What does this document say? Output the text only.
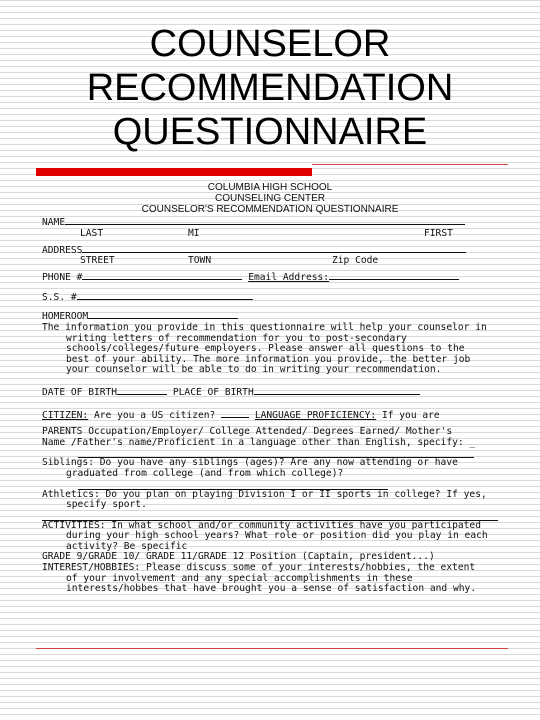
COUNSELOR
RECOMMENDATION
QUESTIONNAIRE
COLUMBIA HIGH SCHOOL
COUNSELING CENTER
COUNSELOR'S RECOMMENDATION QUESTIONNAIRE
NAME
LAST	MI	FIRST
ADDRESS
STREET	TOWN	Zip Code
PHONE #	Email Address:
S.S. #
HOMEROOM
The information you provide in this questionnaire will help your counselor in
writing letters of recommendation for you to post-secondary
schools/colleges/future employers. Please answer all questions to the
best of your ability. The more information you provide, the better job
your counselor will be able to do in writing your recommendation.
DATE OF BIRTH	PLACE OF BIRTH
CITIZEN: Are you a US citizen?	LANGUAGE PROFICIENCY: If you are
PARENTS Occupation/Employer/ College Attended/ Degrees Earned/ Mother's
Name /Father's name/Proficient in a language other than English, specify: _
Siblings: Do you have any siblings (ages)? Are any now attending or have
graduated from college (and from which college)?
Athletics: Do you plan on playing Division I or II sports in college? If yes,
specify sport.
ACTIVITIES: In what school and/or community activities have you participated
during your high school years? What role or position did you play in each
activity? Be specific
GRADE 9/GRADE 10/ GRADE 11/GRADE 12 Position (Captain, president...)
INTEREST/HOBBIES: Please discuss some of your interests/hobbies, the extent
of your involvement and any special accomplishments in these
interests/hobbes that have brought you a sense of satisfaction and why.
